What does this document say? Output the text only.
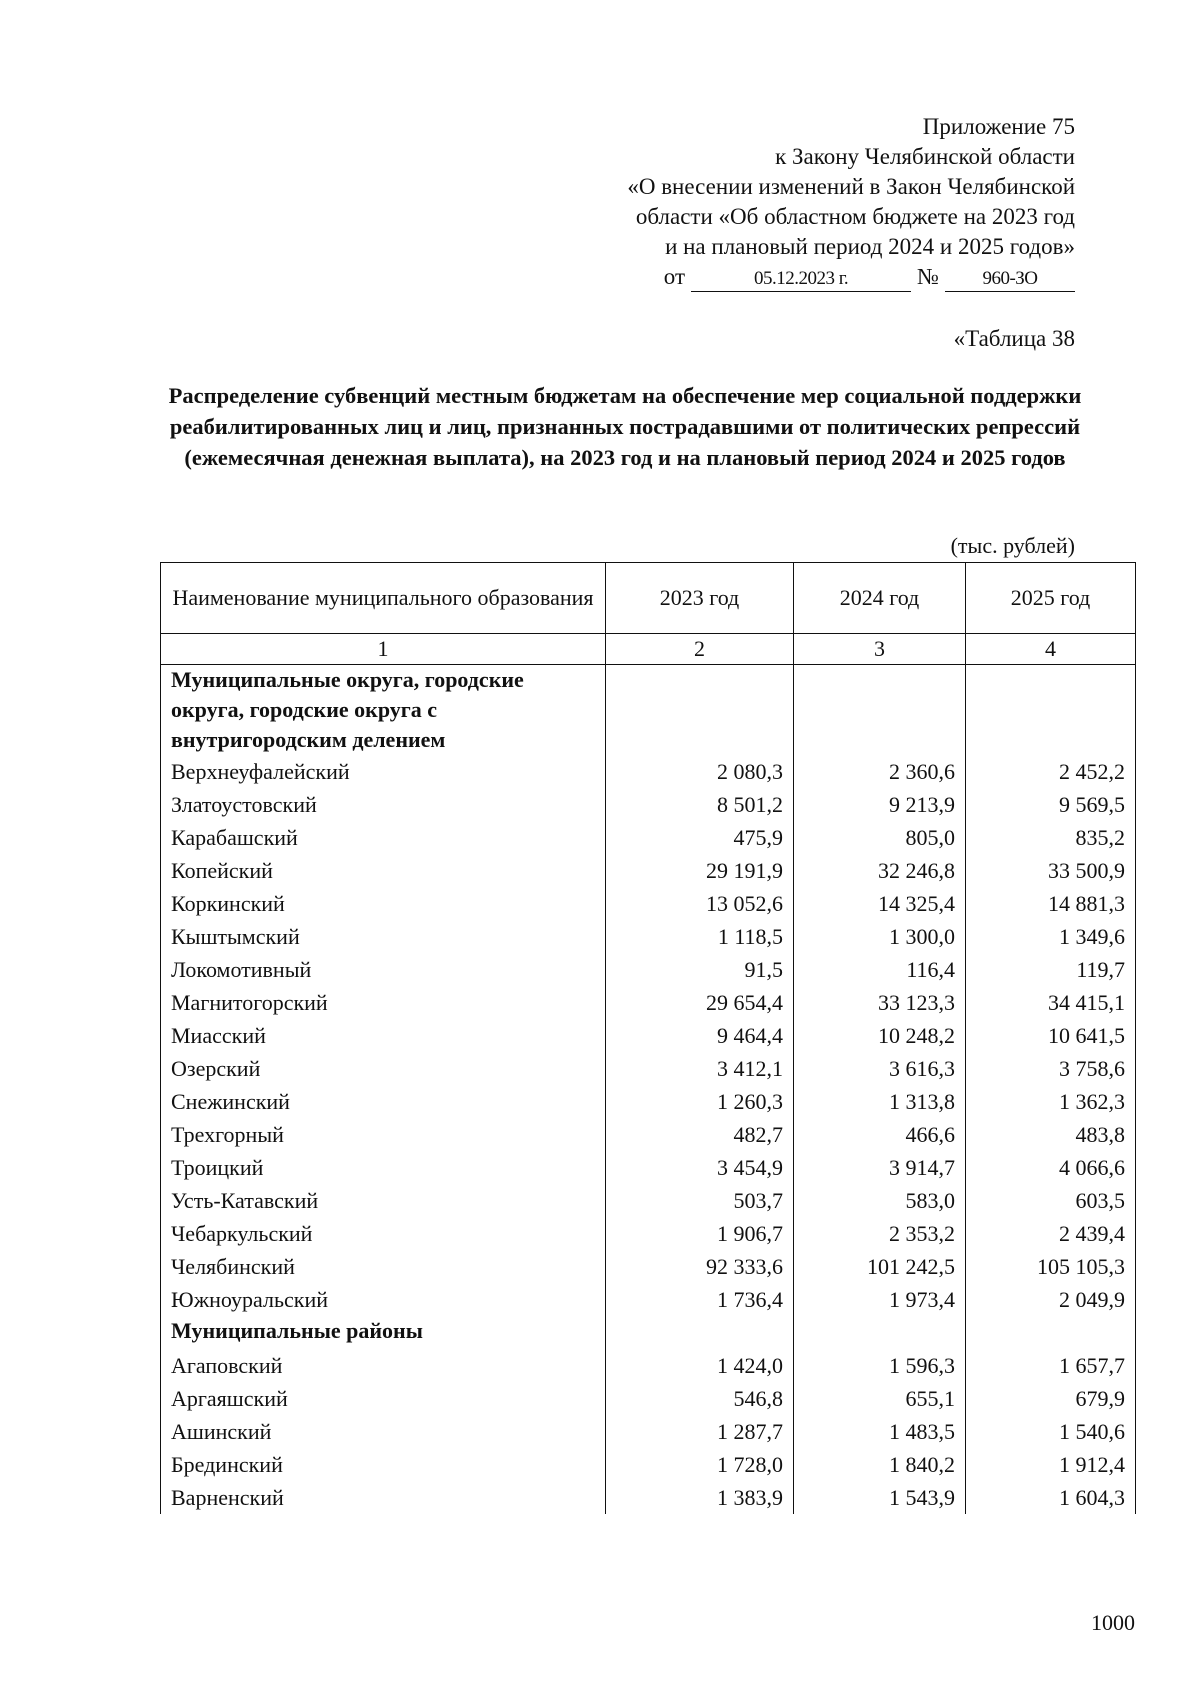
Приложение 75
к Закону Челябинской области
«О внесении изменений в Закон Челябинской
области «Об областном бюджете на 2023 год
и на плановый период 2024 и 2025 годов»
от	05.12.2023 г.	№	960-ЗО
«Таблица 38
Распределение субвенций местным бюджетам на обеспечение мер социальной поддержки реабилитированных лиц и лиц, признанных пострадавшими от политических репрессий (ежемесячная денежная выплата), на 2023 год и на плановый период 2024 и 2025 годов
(тыс. рублей)
Наименование муниципального образования	2023 год	2024 год	2025 год
1	2	3	4
Муниципальные округа, городские округа, городские округа с внутригородским делением			
Верхнеуфалейский	2 080,3	2 360,6	2 452,2
Златоустовский	8 501,2	9 213,9	9 569,5
Карабашский	475,9	805,0	835,2
Копейский	29 191,9	32 246,8	33 500,9
Коркинский	13 052,6	14 325,4	14 881,3
Кыштымский	1 118,5	1 300,0	1 349,6
Локомотивный	91,5	116,4	119,7
Магнитогорский	29 654,4	33 123,3	34 415,1
Миасский	9 464,4	10 248,2	10 641,5
Озерский	3 412,1	3 616,3	3 758,6
Снежинский	1 260,3	1 313,8	1 362,3
Трехгорный	482,7	466,6	483,8
Троицкий	3 454,9	3 914,7	4 066,6
Усть-Катавский	503,7	583,0	603,5
Чебаркульский	1 906,7	2 353,2	2 439,4
Челябинский	92 333,6	101 242,5	105 105,3
Южноуральский	1 736,4	1 973,4	2 049,9
Муниципальные районы			
Агаповский	1 424,0	1 596,3	1 657,7
Аргаяшский	546,8	655,1	679,9
Ашинский	1 287,7	1 483,5	1 540,6
Брединский	1 728,0	1 840,2	1 912,4
Варненский	1 383,9	1 543,9	1 604,3
1000
